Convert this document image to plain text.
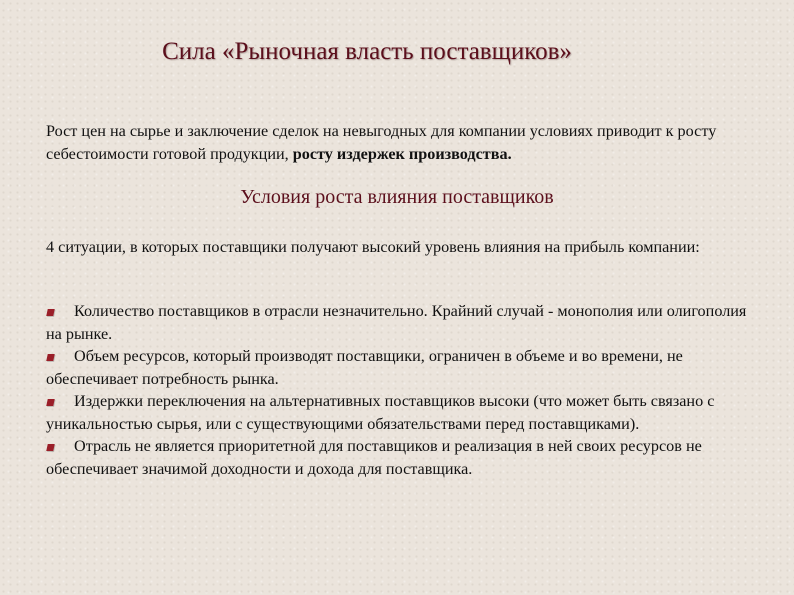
Сила «Рыночная власть поставщиков»

Рост цен на сырье и заключение сделок на невыгодных для компании условиях приводит к росту себестоимости готовой продукции, росту издержек производства.

Условия роста влияния поставщиков

4 ситуации, в которых поставщики получают высокий уровень влияния на прибыль компании:

Количество поставщиков в отрасли незначительно. Крайний случай - монополия или олигополия на рынке.
Объем ресурсов, который производят поставщики, ограничен в объеме и во времени, не обеспечивает потребность рынка.
Издержки переключения на альтернативных поставщиков высоки (что может быть связано с уникальностью сырья, или с существующими обязательствами перед поставщиками).
Отрасль не является приоритетной для поставщиков и реализация в ней своих ресурсов не обеспечивает значимой доходности и дохода для поставщика.
